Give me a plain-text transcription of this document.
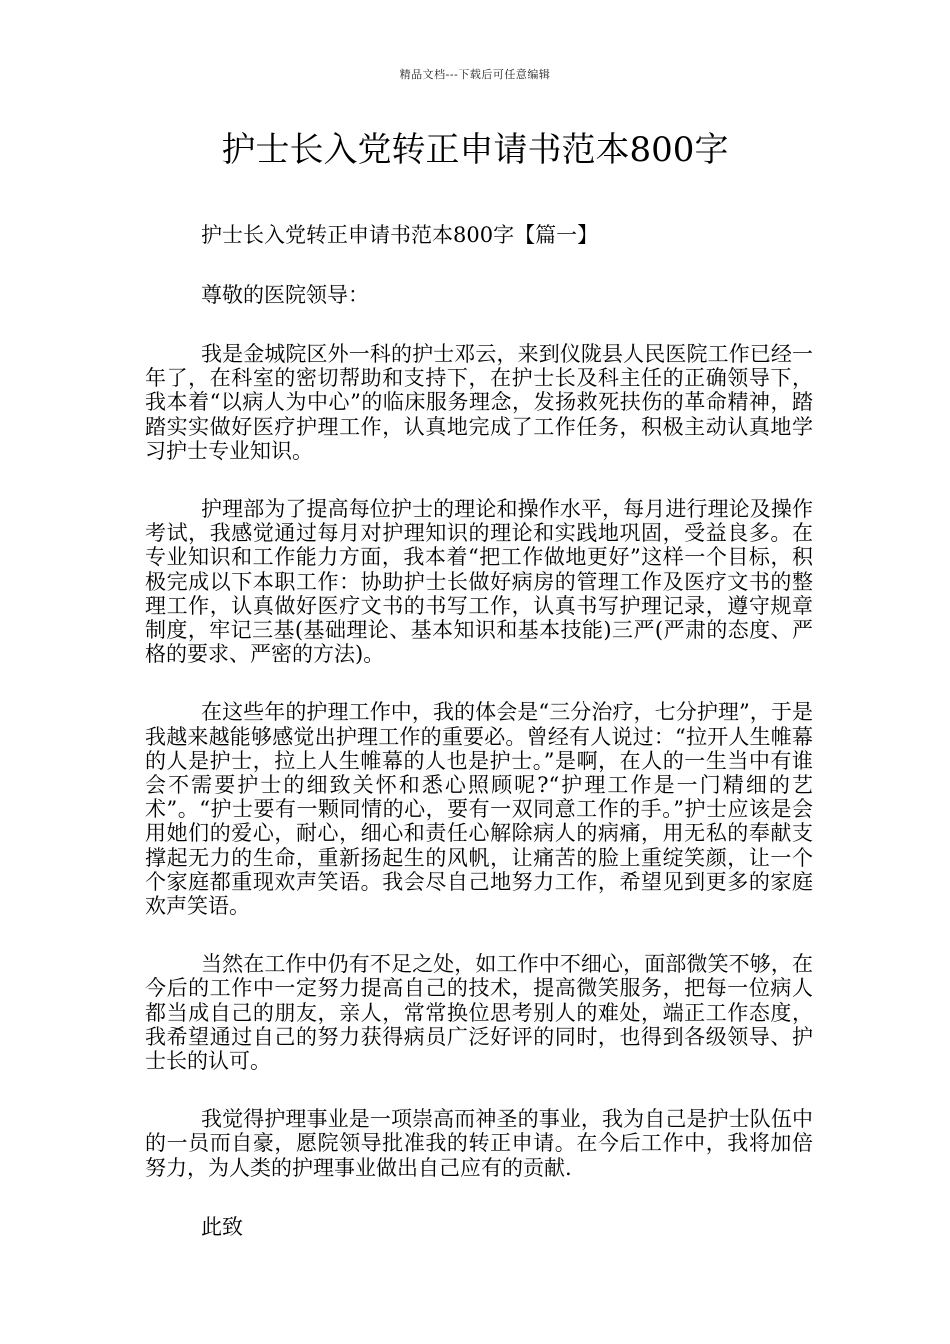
精品文档---下载后可任意编辑
护士长入党转正申请书范本800字

护士长入党转正申请书范本800字【篇一】

尊敬的医院领导：

我是金城院区外一科的护士邓云，来到仪陇县人民医院工作已经一年了，在科室的密切帮助和支持下，在护士长及科主任的正确领导下，我本着“以病人为中心”的临床服务理念，发扬救死扶伤的革命精神，踏踏实实做好医疗护理工作，认真地完成了工作任务，积极主动认真地学习护士专业知识。

护理部为了提高每位护士的理论和操作水平，每月进行理论及操作考试，我感觉通过每月对护理知识的理论和实践地巩固，受益良多。在专业知识和工作能力方面，我本着“把工作做地更好”这样一个目标，积极完成以下本职工作：协助护士长做好病房的管理工作及医疗文书的整理工作，认真做好医疗文书的书写工作，认真书写护理记录，遵守规章制度，牢记三基(基础理论、基本知识和基本技能)三严(严肃的态度、严格的要求、严密的方法)。

在这些年的护理工作中，我的体会是“三分治疗，七分护理”，于是我越来越能够感觉出护理工作的重要必。曾经有人说过：“拉开人生帷幕的人是护士，拉上人生帷幕的人也是护士。”是啊，在人的一生当中有谁会不需要护士的细致关怀和悉心照顾呢?“护理工作是一门精细的艺术”。“护士要有一颗同情的心，要有一双同意工作的手。”护士应该是会用她们的爱心，耐心，细心和责任心解除病人的病痛，用无私的奉献支撑起无力的生命，重新扬起生的风帆，让痛苦的脸上重绽笑颜，让一个个家庭都重现欢声笑语。我会尽自己地努力工作，希望见到更多的家庭欢声笑语。

当然在工作中仍有不足之处，如工作中不细心，面部微笑不够，在今后的工作中一定努力提高自己的技术，提高微笑服务，把每一位病人都当成自己的朋友，亲人，常常换位思考别人的难处，端正工作态度，我希望通过自己的努力获得病员广泛好评的同时，也得到各级领导、护士长的认可。

我觉得护理事业是一项崇高而神圣的事业，我为自己是护士队伍中的一员而自豪，愿院领导批准我的转正申请。在今后工作中，我将加倍努力，为人类的护理事业做出自己应有的贡献.

此致
